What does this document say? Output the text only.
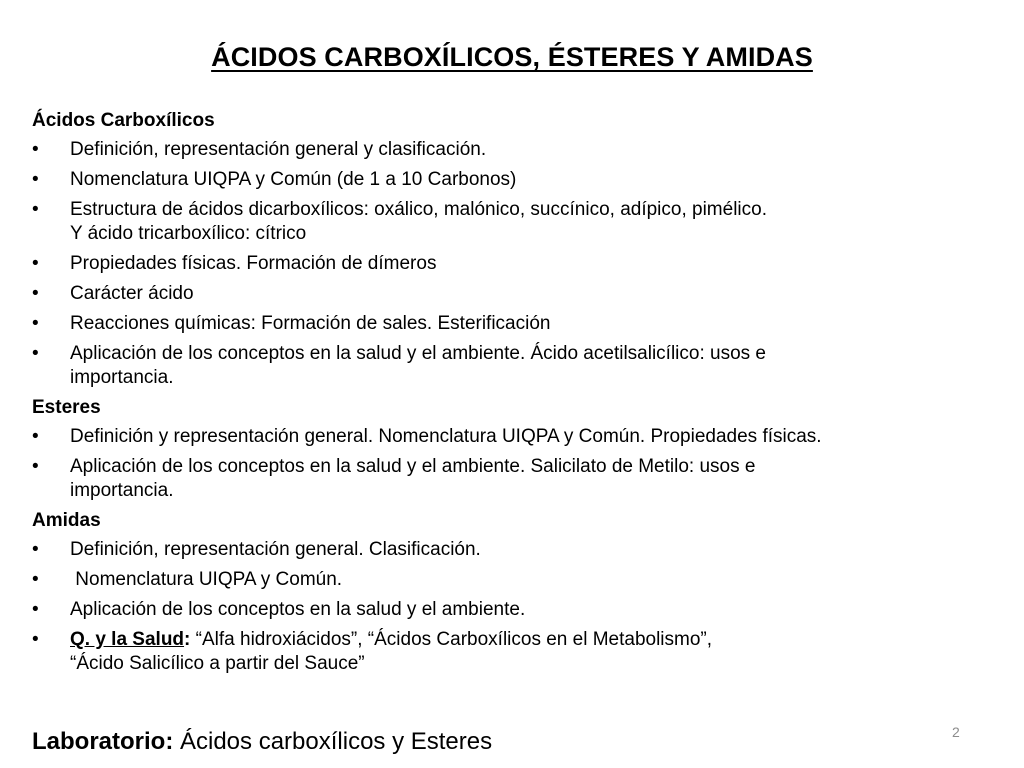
ÁCIDOS CARBOXÍLICOS, ÉSTERES Y AMIDAS
Ácidos Carboxílicos
•	Definición, representación general y clasificación.
•	Nomenclatura UIQPA y Común (de 1 a 10 Carbonos)
•	Estructura de ácidos dicarboxílicos: oxálico, malónico, succínico, adípico, pimélico.
Y ácido tricarboxílico: cítrico
•	Propiedades físicas. Formación de dímeros
•	Carácter ácido
•	Reacciones químicas: Formación de sales. Esterificación
•	Aplicación de los conceptos en la salud y el ambiente. Ácido acetilsalicílico: usos e
importancia.
Esteres
•	Definición y representación general. Nomenclatura UIQPA y Común. Propiedades físicas.
•	Aplicación de los conceptos en la salud y el ambiente. Salicilato de Metilo: usos e
importancia.
Amidas
•	Definición, representación general. Clasificación.
•	Nomenclatura UIQPA y Común.
•	Aplicación de los conceptos en la salud y el ambiente.
•	Q. y la Salud: “Alfa hidroxiácidos”, “Ácidos Carboxílicos en el Metabolismo”,
“Ácido Salicílico a partir del Sauce”
Laboratorio: Ácidos carboxílicos y Esteres	2
